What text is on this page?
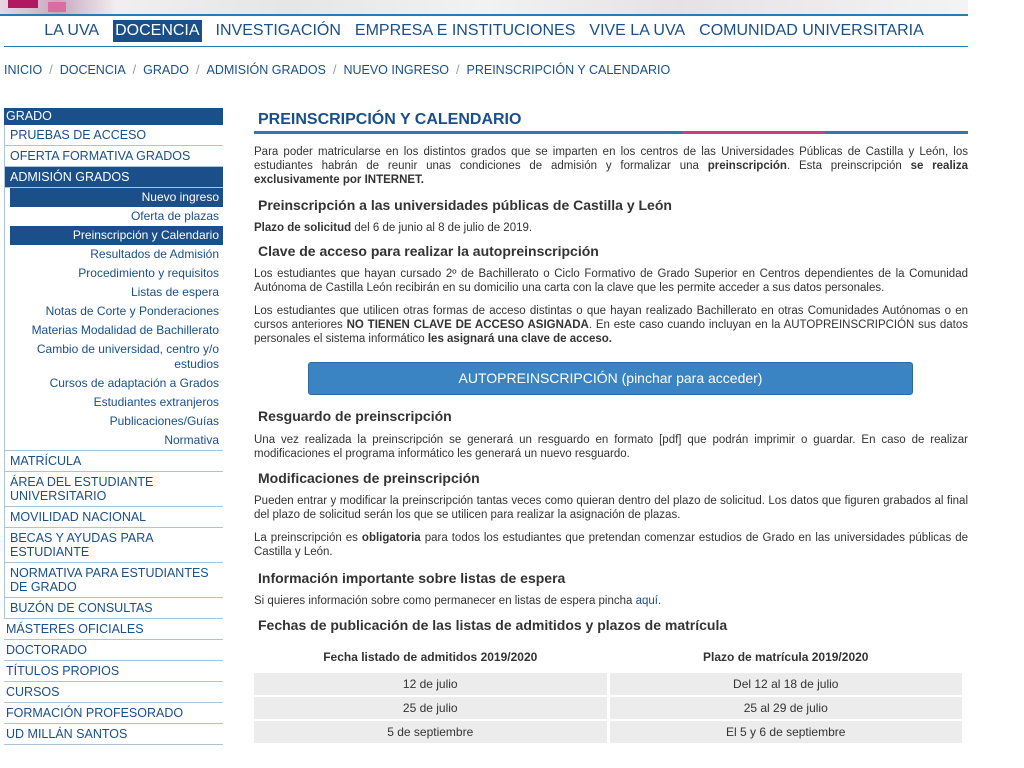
LA UVA	DOCENCIA	INVESTIGACIÓN EMPRESA E INSTITUCIONES VIVE LA UVA COMUNIDAD UNIVERSITARIA
INICIO / DOCENCIA / GRADO / ADMISIÓN GRADOS / NUEVO INGRESO / PREINSCRIPCIÓN Y CALENDARIO
GRADO
PRUEBAS DE ACCESO
OFERTA FORMATIVA GRADOS
ADMISIÓN GRADOS
Nuevo ingreso
Oferta de plazas
Preinscripción y Calendario
Resultados de Admisión
Procedimiento y requisitos
Listas de espera
Notas de Corte y Ponderaciones
Materias Modalidad de Bachillerato
Cambio de universidad, centro y/o estudios
Cursos de adaptación a Grados
Estudiantes extranjeros
Publicaciones/Guías
Normativa
MATRÍCULA
ÁREA DEL ESTUDIANTE UNIVERSITARIO
MOVILIDAD NACIONAL
BECAS Y AYUDAS PARA ESTUDIANTE
NORMATIVA PARA ESTUDIANTES DE GRADO
BUZÓN DE CONSULTAS
MÁSTERES OFICIALES
DOCTORADO
TÍTULOS PROPIOS
CURSOS
FORMACIÓN PROFESORADO
UD MILLÁN SANTOS
PREINSCRIPCIÓN Y CALENDARIO

Para poder matricularse en los distintos grados que se imparten en los centros de las Universidades Públicas de Castilla y León, los estudiantes habrán de reunir unas condiciones de admisión y formalizar una preinscripción. Esta preinscripción se realiza exclusivamente por INTERNET.

Preinscripción a las universidades públicas de Castilla y León

Plazo de solicitud del 6 de junio al 8 de julio de 2019.

Clave de acceso para realizar la autopreinscripción

Los estudiantes que hayan cursado 2º de Bachillerato o Ciclo Formativo de Grado Superior en Centros dependientes de la Comunidad Autónoma de Castilla León recibirán en su domicilio una carta con la clave que les permite acceder a sus datos personales.

Los estudiantes que utilicen otras formas de acceso distintas o que hayan realizado Bachillerato en otras Comunidades Autónomas o en cursos anteriores NO TIENEN CLAVE DE ACCESO ASIGNADA. En este caso cuando incluyan en la AUTOPREINSCRIPCIÓN sus datos personales el sistema informático les asignará una clave de acceso.

AUTOPREINSCRIPCIÓN (pinchar para acceder)
Resguardo de preinscripción

Una vez realizada la preinscripción se generará un resguardo en formato [pdf] que podrán imprimir o guardar. En caso de realizar modificaciones el programa informático les generará un nuevo resguardo.

Modificaciones de preinscripción

Pueden entrar y modificar la preinscripción tantas veces como quieran dentro del plazo de solicitud. Los datos que figuren grabados al final del plazo de solicitud serán los que se utilicen para realizar la asignación de plazas.

La preinscripción es obligatoria para todos los estudiantes que pretendan comenzar estudios de Grado en las universidades públicas de Castilla y León.

Información importante sobre listas de espera

Si quieres información sobre como permanecer en listas de espera pincha aquí.

Fechas de publicación de las listas de admitidos y plazos de matrícula
Fecha listado de admitidos 2019/2020	Plazo de matrícula 2019/2020
12 de julio	Del 12 al 18 de julio
25 de julio	25 al 29 de julio
5 de septiembre	El 5 y 6 de septiembre
